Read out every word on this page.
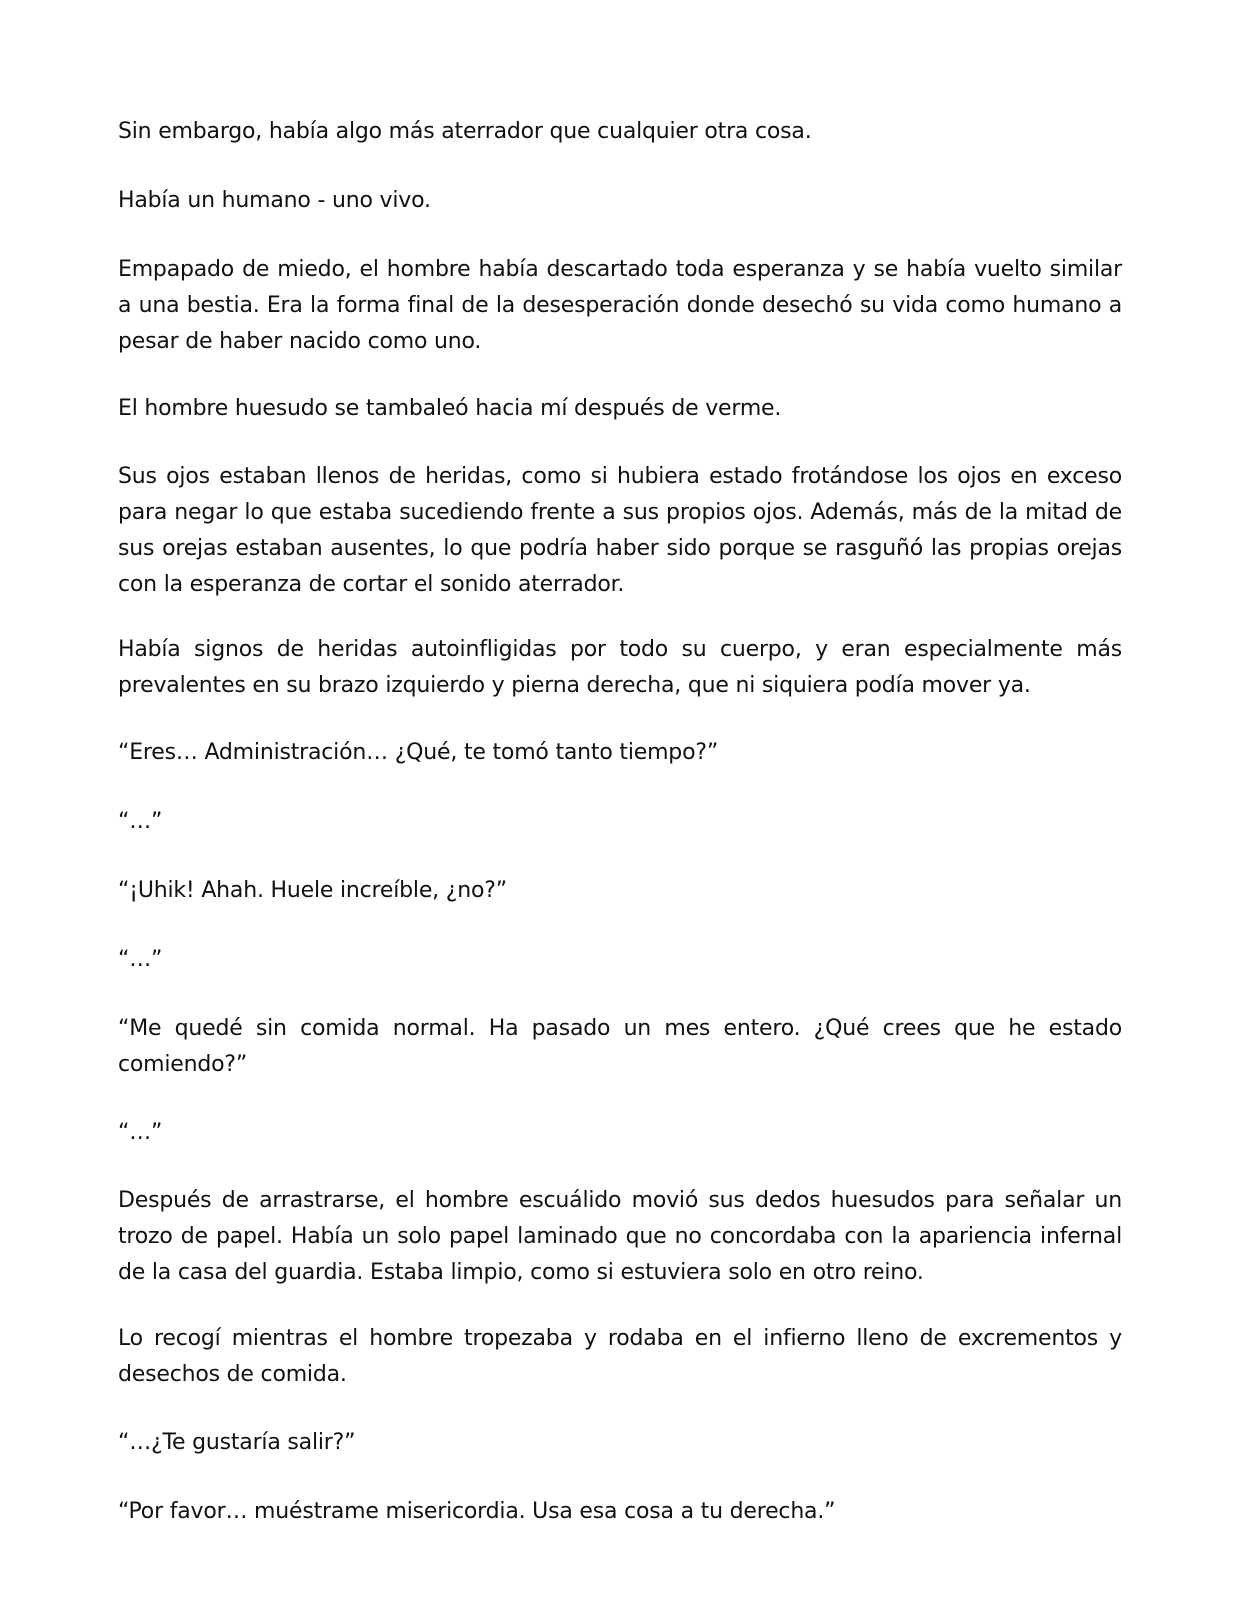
Sin embargo, había algo más aterrador que cualquier otra cosa.

Había un humano - uno vivo.

Empapado de miedo, el hombre había descartado toda esperanza y se había vuelto similar a una bestia. Era la forma final de la desesperación donde desechó su vida como humano a pesar de haber nacido como uno.

El hombre huesudo se tambaleó hacia mí después de verme.

Sus ojos estaban llenos de heridas, como si hubiera estado frotándose los ojos en exceso para negar lo que estaba sucediendo frente a sus propios ojos. Además, más de la mitad de sus orejas estaban ausentes, lo que podría haber sido porque se rasguñó las propias orejas con la esperanza de cortar el sonido aterrador.

Había signos de heridas autoinfligidas por todo su cuerpo, y eran especialmente más prevalentes en su brazo izquierdo y pierna derecha, que ni siquiera podía mover ya.

“Eres… Administración… ¿Qué, te tomó tanto tiempo?”

“…”

“¡Uhik! Ahah. Huele increíble, ¿no?”

“…”

“Me quedé sin comida normal. Ha pasado un mes entero. ¿Qué crees que he estado comiendo?”

“…”

Después de arrastrarse, el hombre escuálido movió sus dedos huesudos para señalar un trozo de papel. Había un solo papel laminado que no concordaba con la apariencia infernal de la casa del guardia. Estaba limpio, como si estuviera solo en otro reino.

Lo recogí mientras el hombre tropezaba y rodaba en el infierno lleno de excrementos y desechos de comida.

“…¿Te gustaría salir?”

“Por favor… muéstrame misericordia. Usa esa cosa a tu derecha.”
